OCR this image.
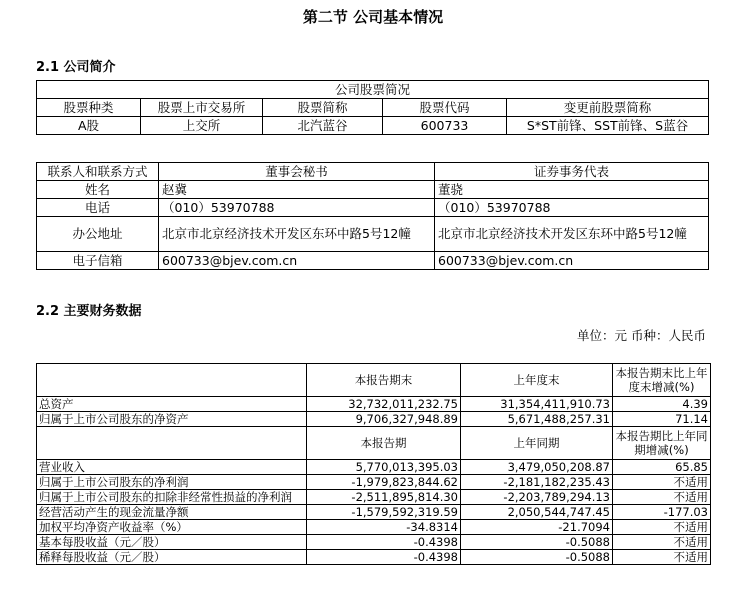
第二节 公司基本情况
2.1 公司简介
公司股票简况				
股票种类	股票上市交易所	股票简称	股票代码	变更前股票简称
A股	上交所	北汽蓝谷	600733	S*ST前锋、SST前锋、S蓝谷
联系人和联系方式	董事会秘书	证券事务代表
姓名	赵冀	董骁
电话	（010）53970788	（010）53970788
办公地址	北京市北京经济技术开发区东环中路5号12幢	北京市北京经济技术开发区东环中路5号12幢
电子信箱	600733@bjev.com.cn	600733@bjev.com.cn
2.2 主要财务数据
单位：元 币种：人民币
	本报告期末	上年度末	本报告期末比上年度末增减(%)
总资产	32,732,011,232.75	31,354,411,910.73	4.39
归属于上市公司股东的净资产	9,706,327,948.89	5,671,488,257.31	71.14
	本报告期	上年同期	本报告期比上年同期增减(%)
营业收入	5,770,013,395.03	3,479,050,208.87	65.85
归属于上市公司股东的净利润	-1,979,823,844.62	-2,181,182,235.43	不适用
归属于上市公司股东的扣除非经常性损益的净利润	-2,511,895,814.30	-2,203,789,294.13	不适用
经营活动产生的现金流量净额	-1,579,592,319.59	2,050,544,747.45	-177.03
加权平均净资产收益率（%）	-34.8314	-21.7094	不适用
基本每股收益（元／股）	-0.4398	-0.5088	不适用
稀释每股收益（元／股）	-0.4398	-0.5088	不适用
